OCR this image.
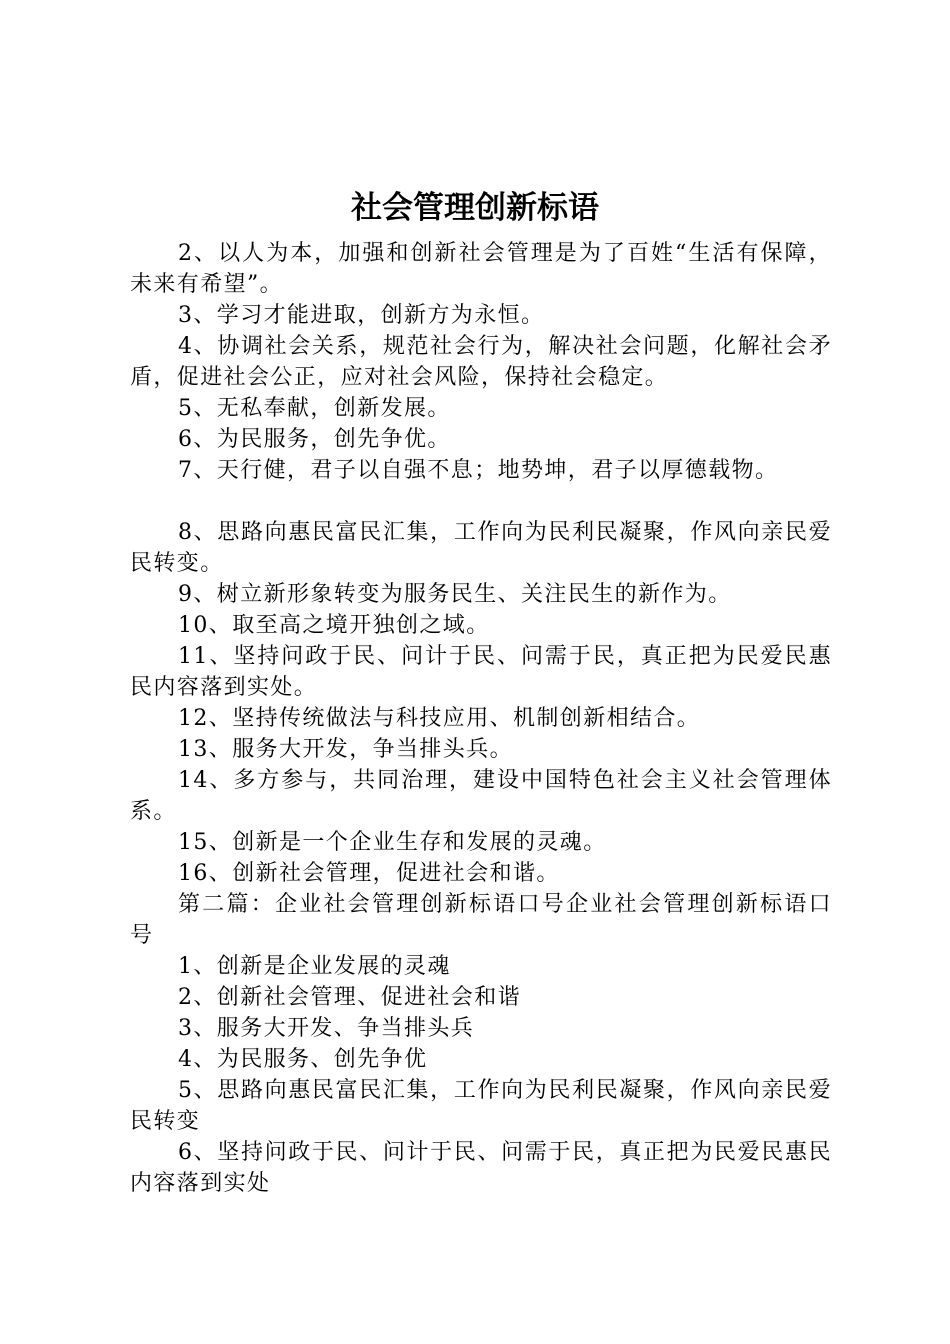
社会管理创新标语

2、以人为本，加强和创新社会管理是为了百姓“生活有保障，未来有希望”。

3、学习才能进取，创新方为永恒。

4、协调社会关系，规范社会行为，解决社会问题，化解社会矛盾，促进社会公正，应对社会风险，保持社会稳定。

5、无私奉献，创新发展。

6、为民服务，创先争优。

7、天行健，君子以自强不息；地势坤，君子以厚德载物。

8、思路向惠民富民汇集，工作向为民利民凝聚，作风向亲民爱民转变。

9、树立新形象转变为服务民生、关注民生的新作为。

10、取至高之境开独创之域。

11、坚持问政于民、问计于民、问需于民，真正把为民爱民惠民内容落到实处。

12、坚持传统做法与科技应用、机制创新相结合。

13、服务大开发，争当排头兵。

14、多方参与，共同治理，建设中国特色社会主义社会管理体系。

15、创新是一个企业生存和发展的灵魂。

16、创新社会管理，促进社会和谐。

第二篇：企业社会管理创新标语口号企业社会管理创新标语口号

1、创新是企业发展的灵魂

2、创新社会管理、促进社会和谐

3、服务大开发、争当排头兵

4、为民服务、创先争优

5、思路向惠民富民汇集，工作向为民利民凝聚，作风向亲民爱民转变

6、坚持问政于民、问计于民、问需于民，真正把为民爱民惠民内容落到实处
